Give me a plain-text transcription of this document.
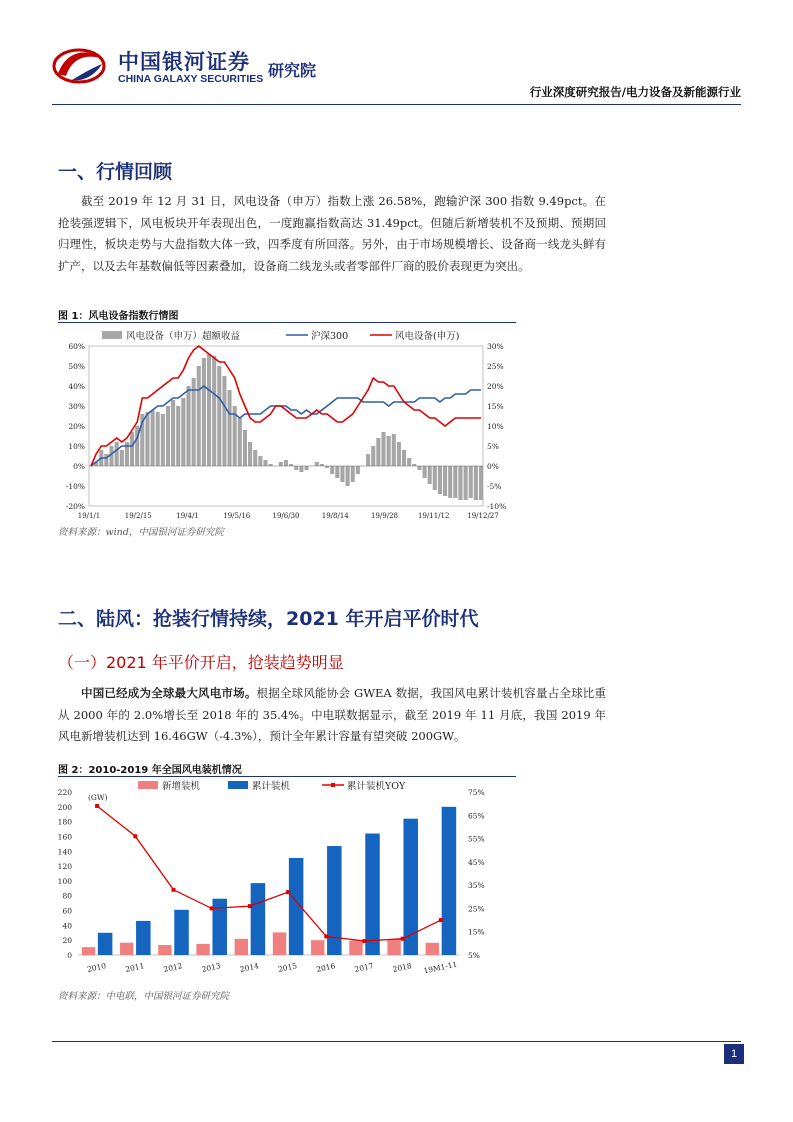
中国银河证券
CHINA GALAXY SECURITIES 研究院
行业深度研究报告/电力设备及新能源行业
一、行情回顾
截至 2019 年 12 月 31 日，风电设备（申万）指数上涨 26.58%，跑输沪深 300 指数 9.49pct。在抢装强逻辑下，风电板块开年表现出色，一度跑赢指数高达 31.49pct。但随后新增装机不及预期、预期回归理性，板块走势与大盘指数大体一致，四季度有所回落。另外，由于市场规模增长、设备商一线龙头鲜有扩产，以及去年基数偏低等因素叠加，设备商二线龙头或者零部件厂商的股价表现更为突出。
图 1：风电设备指数行情图
风电设备（申万）超额收益	沪深300	风电设备(申万)
60%
50%
40%
30%
20%
10%
0%
-10%
-20%
30%
25%
20%
15%
10%
5%
0%
-5%
-10%
19/1/1	19/2/15	19/4/1	19/5/16	19/6/30	19/8/14	19/9/28	19/11/12	19/12/27
资料来源：wind，中国银河证券研究院
二、陆风：抢装行情持续，2021 年开启平价时代
（一）2021 年平价开启，抢装趋势明显
中国已经成为全球最大风电市场。根据全球风能协会 GWEA 数据，我国风电累计装机容量占全球比重从 2000 年的 2.0%增长至 2018 年的 35.4%。中电联数据显示，截至 2019 年 11 月底，我国 2019 年风电新增装机达到 16.46GW（-4.3%），预计全年累计容量有望突破 200GW。
图 2：2010-2019 年全国风电装机情况
新增装机	累计装机	累计装机YOY
(GW)
220
200
180
160
140
120
100
80
60
40
20
0
75%
65%
55%
45%
35%
25%
15%
5%
2010 2011 2012 2013 2014 2015 2016 2017 2018 19M1-11
资料来源：中电联，中国银河证券研究院
1
